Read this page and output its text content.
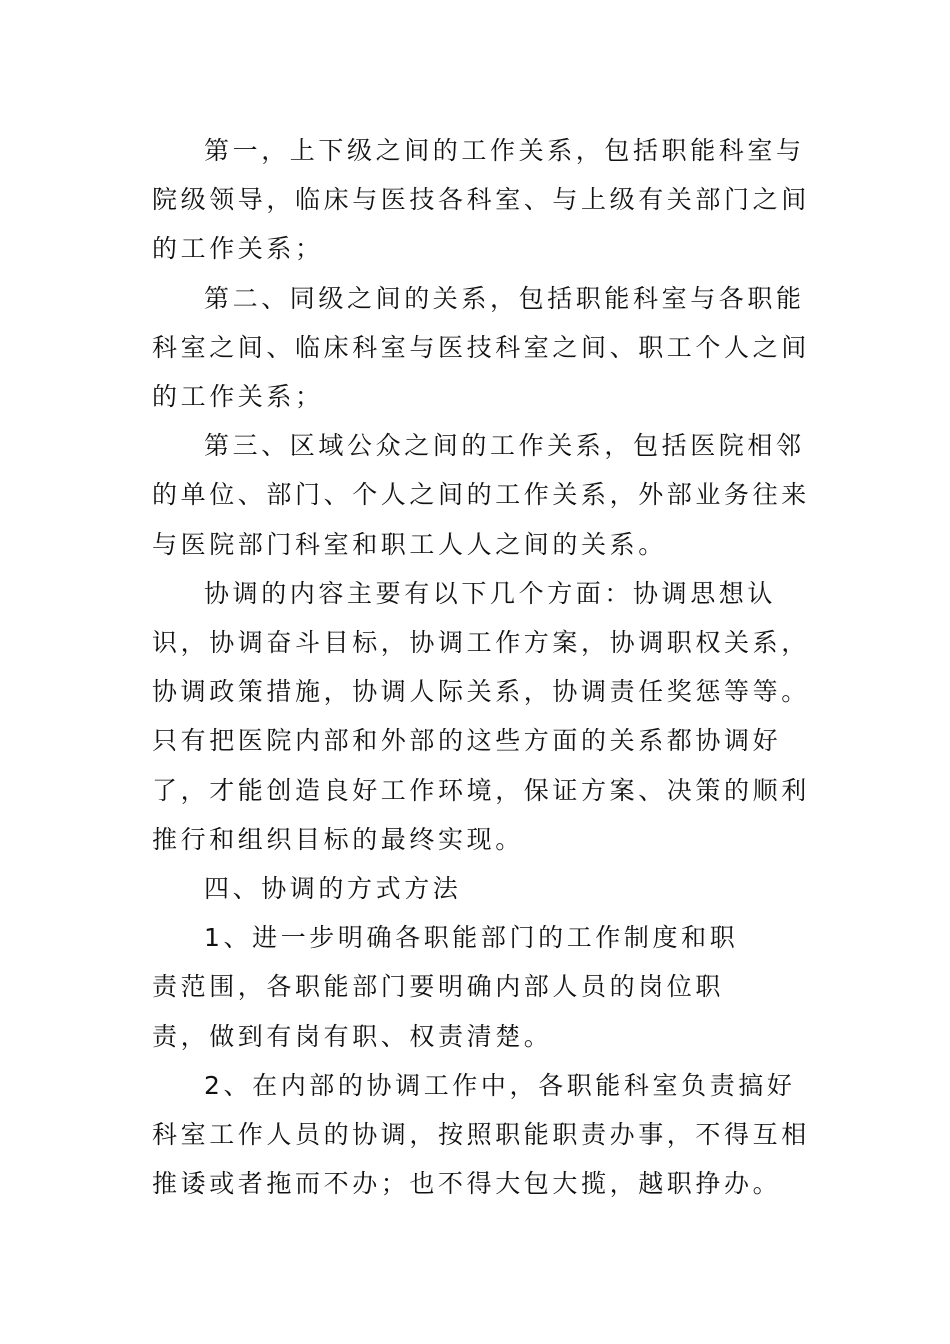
第一，上下级之间的工作关系，包括职能科室与院级领导，临床与医技各科室、与上级有关部门之间的工作关系；

第二、同级之间的关系，包括职能科室与各职能科室之间、临床科室与医技科室之间、职工个人之间的工作关系；

第三、区域公众之间的工作关系，包括医院相邻的单位、部门、个人之间的工作关系，外部业务往来与医院部门科室和职工人人之间的关系。

协调的内容主要有以下几个方面：协调思想认识，协调奋斗目标，协调工作方案，协调职权关系，协调政策措施，协调人际关系，协调责任奖惩等等。只有把医院内部和外部的这些方面的关系都协调好了，才能创造良好工作环境，保证方案、决策的顺利推行和组织目标的最终实现。

四、协调的方式方法

1、进一步明确各职能部门的工作制度和职责范围，各职能部门要明确内部人员的岗位职责，做到有岗有职、权责清楚。

2、在内部的协调工作中，各职能科室负责搞好科室工作人员的协调，按照职能职责办事，不得互相推诿或者拖而不办；也不得大包大揽，越职挣办。
